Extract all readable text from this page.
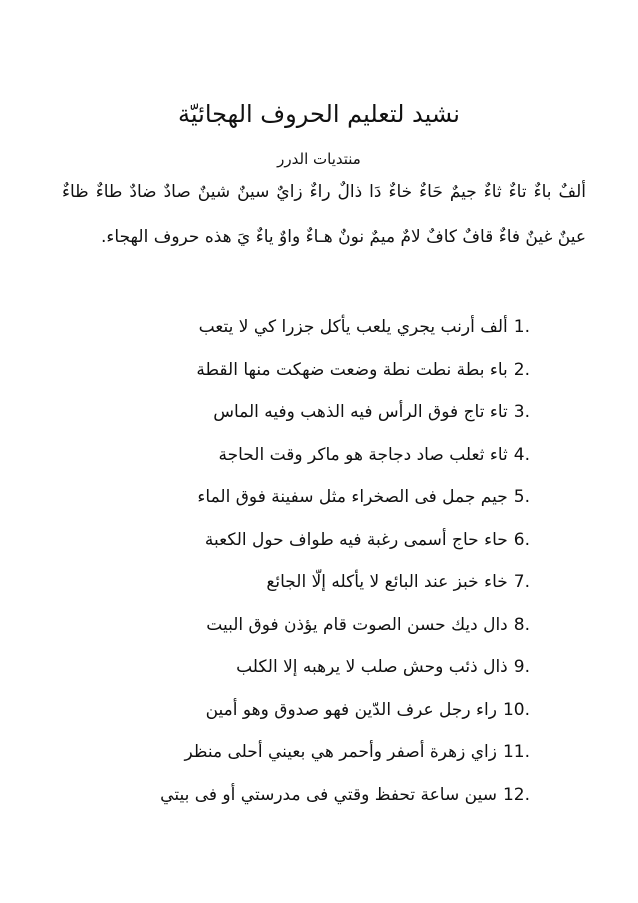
نشيد لتعليم الحروف الهجائيّة
منتديات الدرر
ألفٌ باءٌ تاءٌ ثاءٌ جيمٌ حَاءٌ خاءٌ دَا ذالٌ راءٌ زايٌ سينٌ شينٌ صادٌ ضادٌ طاءٌ ظاءٌ عينٌ غينٌ فاءٌ قافٌ كافٌ لامٌ ميمٌ نونٌ هـاءٌ واوٌ ياءٌ يَ هذه حروف الهجاء.
1.ألف أرنب يجري يلعب يأكل جزرا كي لا يتعب
2.باء بطة نطت نطة وضعت ضهكت منها القطة
3.تاء تاج فوق الرأس فيه الذهب وفيه الماس
4.ثاء ثعلب صاد دجاجة هو ماكر وقت الحاجة
5.جيم جمل فى الصخراء مثل سفينة فوق الماء
6.حاء حاج أسمى رغبة فيه طواف حول الكعبة
7.خاء خبز عند البائع لا يأكله إلّا الجائع
8.دال ديك حسن الصوت قام يؤذن فوق البيت
9.ذال ذئب وحش صلب لا يرهبه إلا الكلب
10.راء رجل عرف الدّين فهو صدوق وهو أمين
11.زاي زهرة أصفر وأحمر هي بعيني أحلى منظر
12.سين ساعة تحفظ وقتي فى مدرستي أو فى بيتي
